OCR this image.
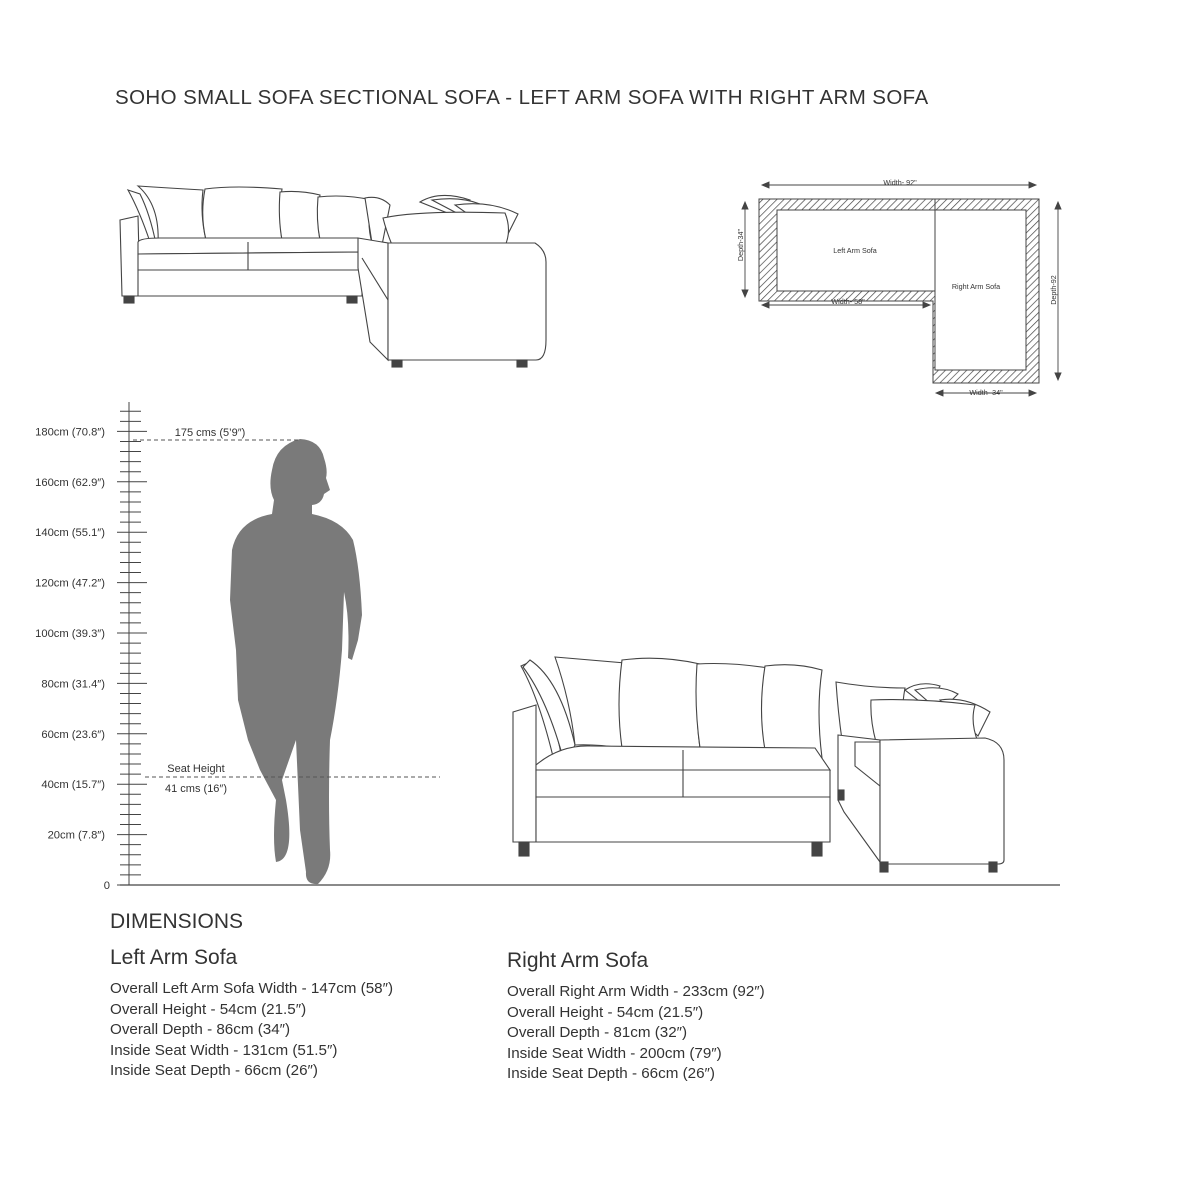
SOHO SMALL SOFA SECTIONAL SOFA - LEFT ARM SOFA WITH RIGHT ARM SOFA
Width- 92"
Depth-34"
Width- 58"	Depth-92
Width- 34"
Left Arm Sofa
Right Arm Sofa
180cm (70.8″)
160cm (62.9″)
140cm (55.1″)
120cm (47.2″)
100cm (39.3″)
80cm (31.4″)
60cm (23.6″)
40cm (15.7″)
20cm (7.8″)
0
175 cms (5’9″)
Seat Height
41 cms (16″)
DIMENSIONS
Left Arm Sofa
Overall Left Arm Sofa Width - 147cm (58″)
Overall Height - 54cm (21.5″)
Overall Depth - 86cm (34″)
Inside Seat Width - 131cm (51.5″)
Inside Seat Depth - 66cm (26″)
Right Arm Sofa
Overall Right Arm Width - 233cm (92″)
Overall Height - 54cm (21.5″)
Overall Depth - 81cm (32″)
Inside Seat Width - 200cm (79″)
Inside Seat Depth - 66cm (26″)
